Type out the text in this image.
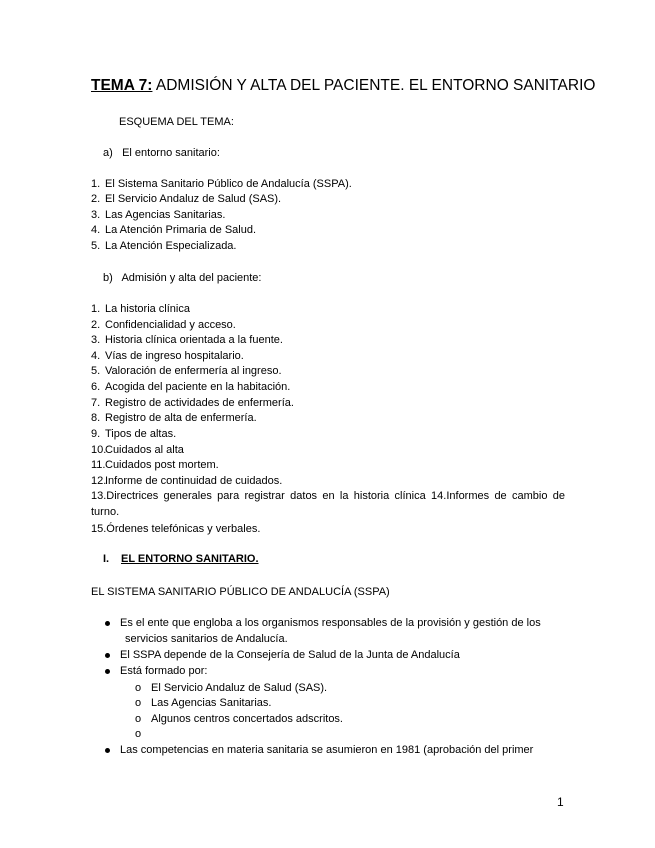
TEMA 7: ADMISIÓN Y ALTA DEL PACIENTE. EL ENTORNO SANITARIO
ESQUEMA DEL TEMA:
a) El entorno sanitario:
1. El Sistema Sanitario Público de Andalucía (SSPA).
2. El Servicio Andaluz de Salud (SAS).
3. Las Agencias Sanitarias.
4. La Atención Primaria de Salud.
5. La Atención Especializada.
b) Admisión y alta del paciente:
1. La historia clínica
2. Confidencialidad y acceso.
3. Historia clínica orientada a la fuente.
4. Vías de ingreso hospitalario.
5. Valoración de enfermería al ingreso.
6. Acogida del paciente en la habitación.
7. Registro de actividades de enfermería.
8. Registro de alta de enfermería.
9. Tipos de altas.
10.Cuidados al alta
11.Cuidados post mortem.
12.Informe de continuidad de cuidados.
13.Directrices generales para registrar datos en la historia clínica 14.Informes de cambio de turno.
15.Órdenes telefónicas y verbales.
I. EL ENTORNO SANITARIO.
EL SISTEMA SANITARIO PÚBLICO DE ANDALUCÍA (SSPA)
Es el ente que engloba a los organismos responsables de la provisión y gestión de los
servicios sanitarios de Andalucía.
El SSPA depende de la Consejería de Salud de la Junta de Andalucía
Está formado por:
o El Servicio Andaluz de Salud (SAS).
o Las Agencias Sanitarias.
o Algunos centros concertados adscritos.
o
Las competencias en materia sanitaria se asumieron en 1981 (aprobación del primer
1
